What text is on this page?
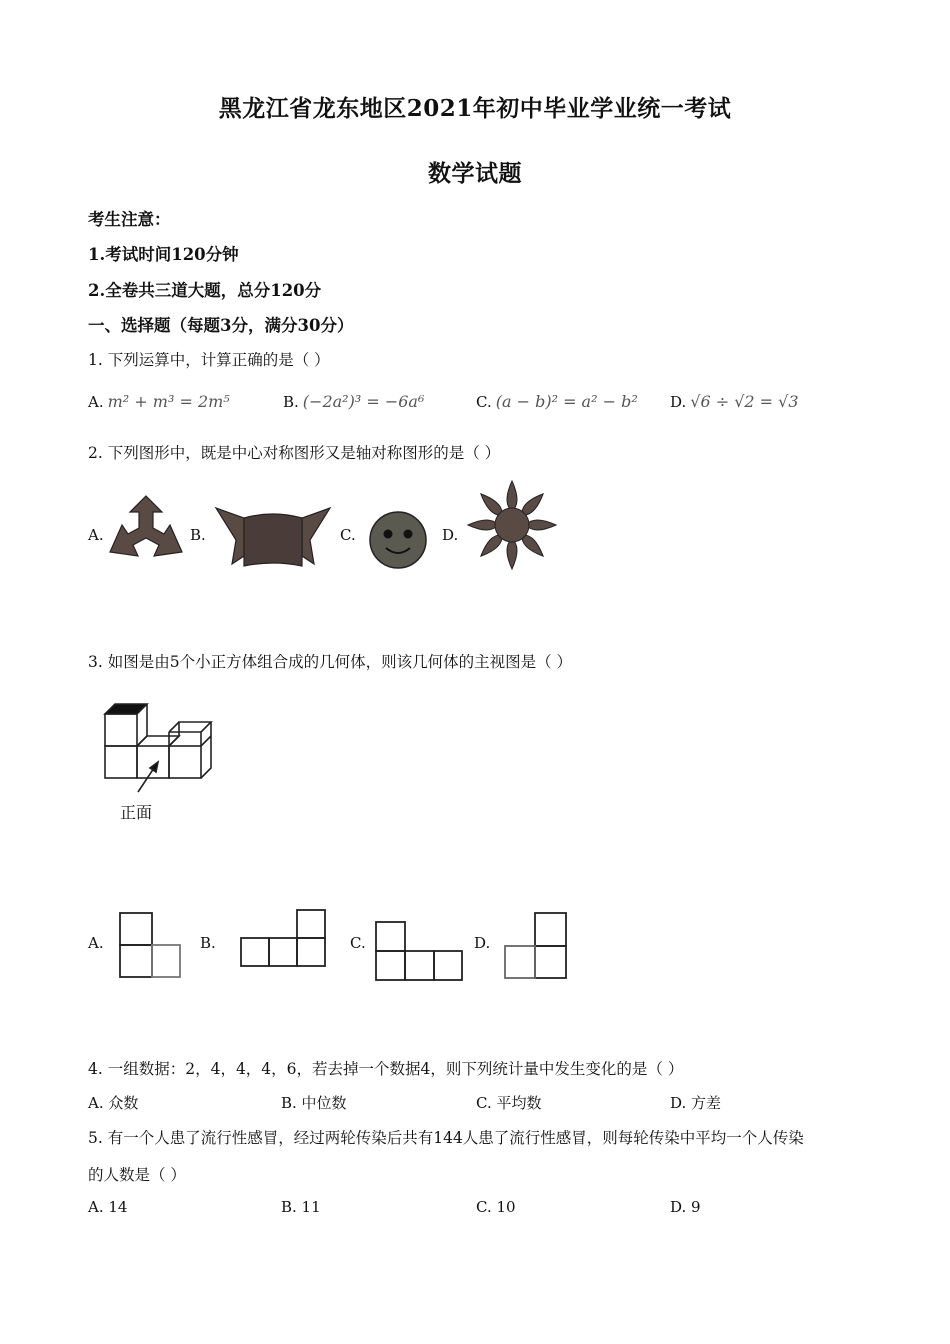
黑龙江省龙东地区2021年初中毕业学业统一考试
数学试题
考生注意：
1.考试时间120分钟
2.全卷共三道大题，总分120分
一、选择题（每题3分，满分30分）
1. 下列运算中，计算正确的是（ ）
A. m² + m³ = 2m⁵	B. (−2a²)³ = −6a⁶	C. (a − b)² = a² − b² D. √6 ÷ √2 = √3
2. 下列图形中，既是中心对称图形又是轴对称图形的是（ ）
A.	B.	C.	D.
3. 如图是由5个小正方体组合成的几何体，则该几何体的主视图是（ ）
正面
A.	B.	C.	D.
4. 一组数据：2，4，4，4，6，若去掉一个数据4，则下列统计量中发生变化的是（ ）
A. 众数	B. 中位数	C. 平均数	D. 方差
5. 有一个人患了流行性感冒，经过两轮传染后共有144人患了流行性感冒，则每轮传染中平均一个人传染
的人数是（ ）
A. 14	B. 11	C. 10	D. 9
